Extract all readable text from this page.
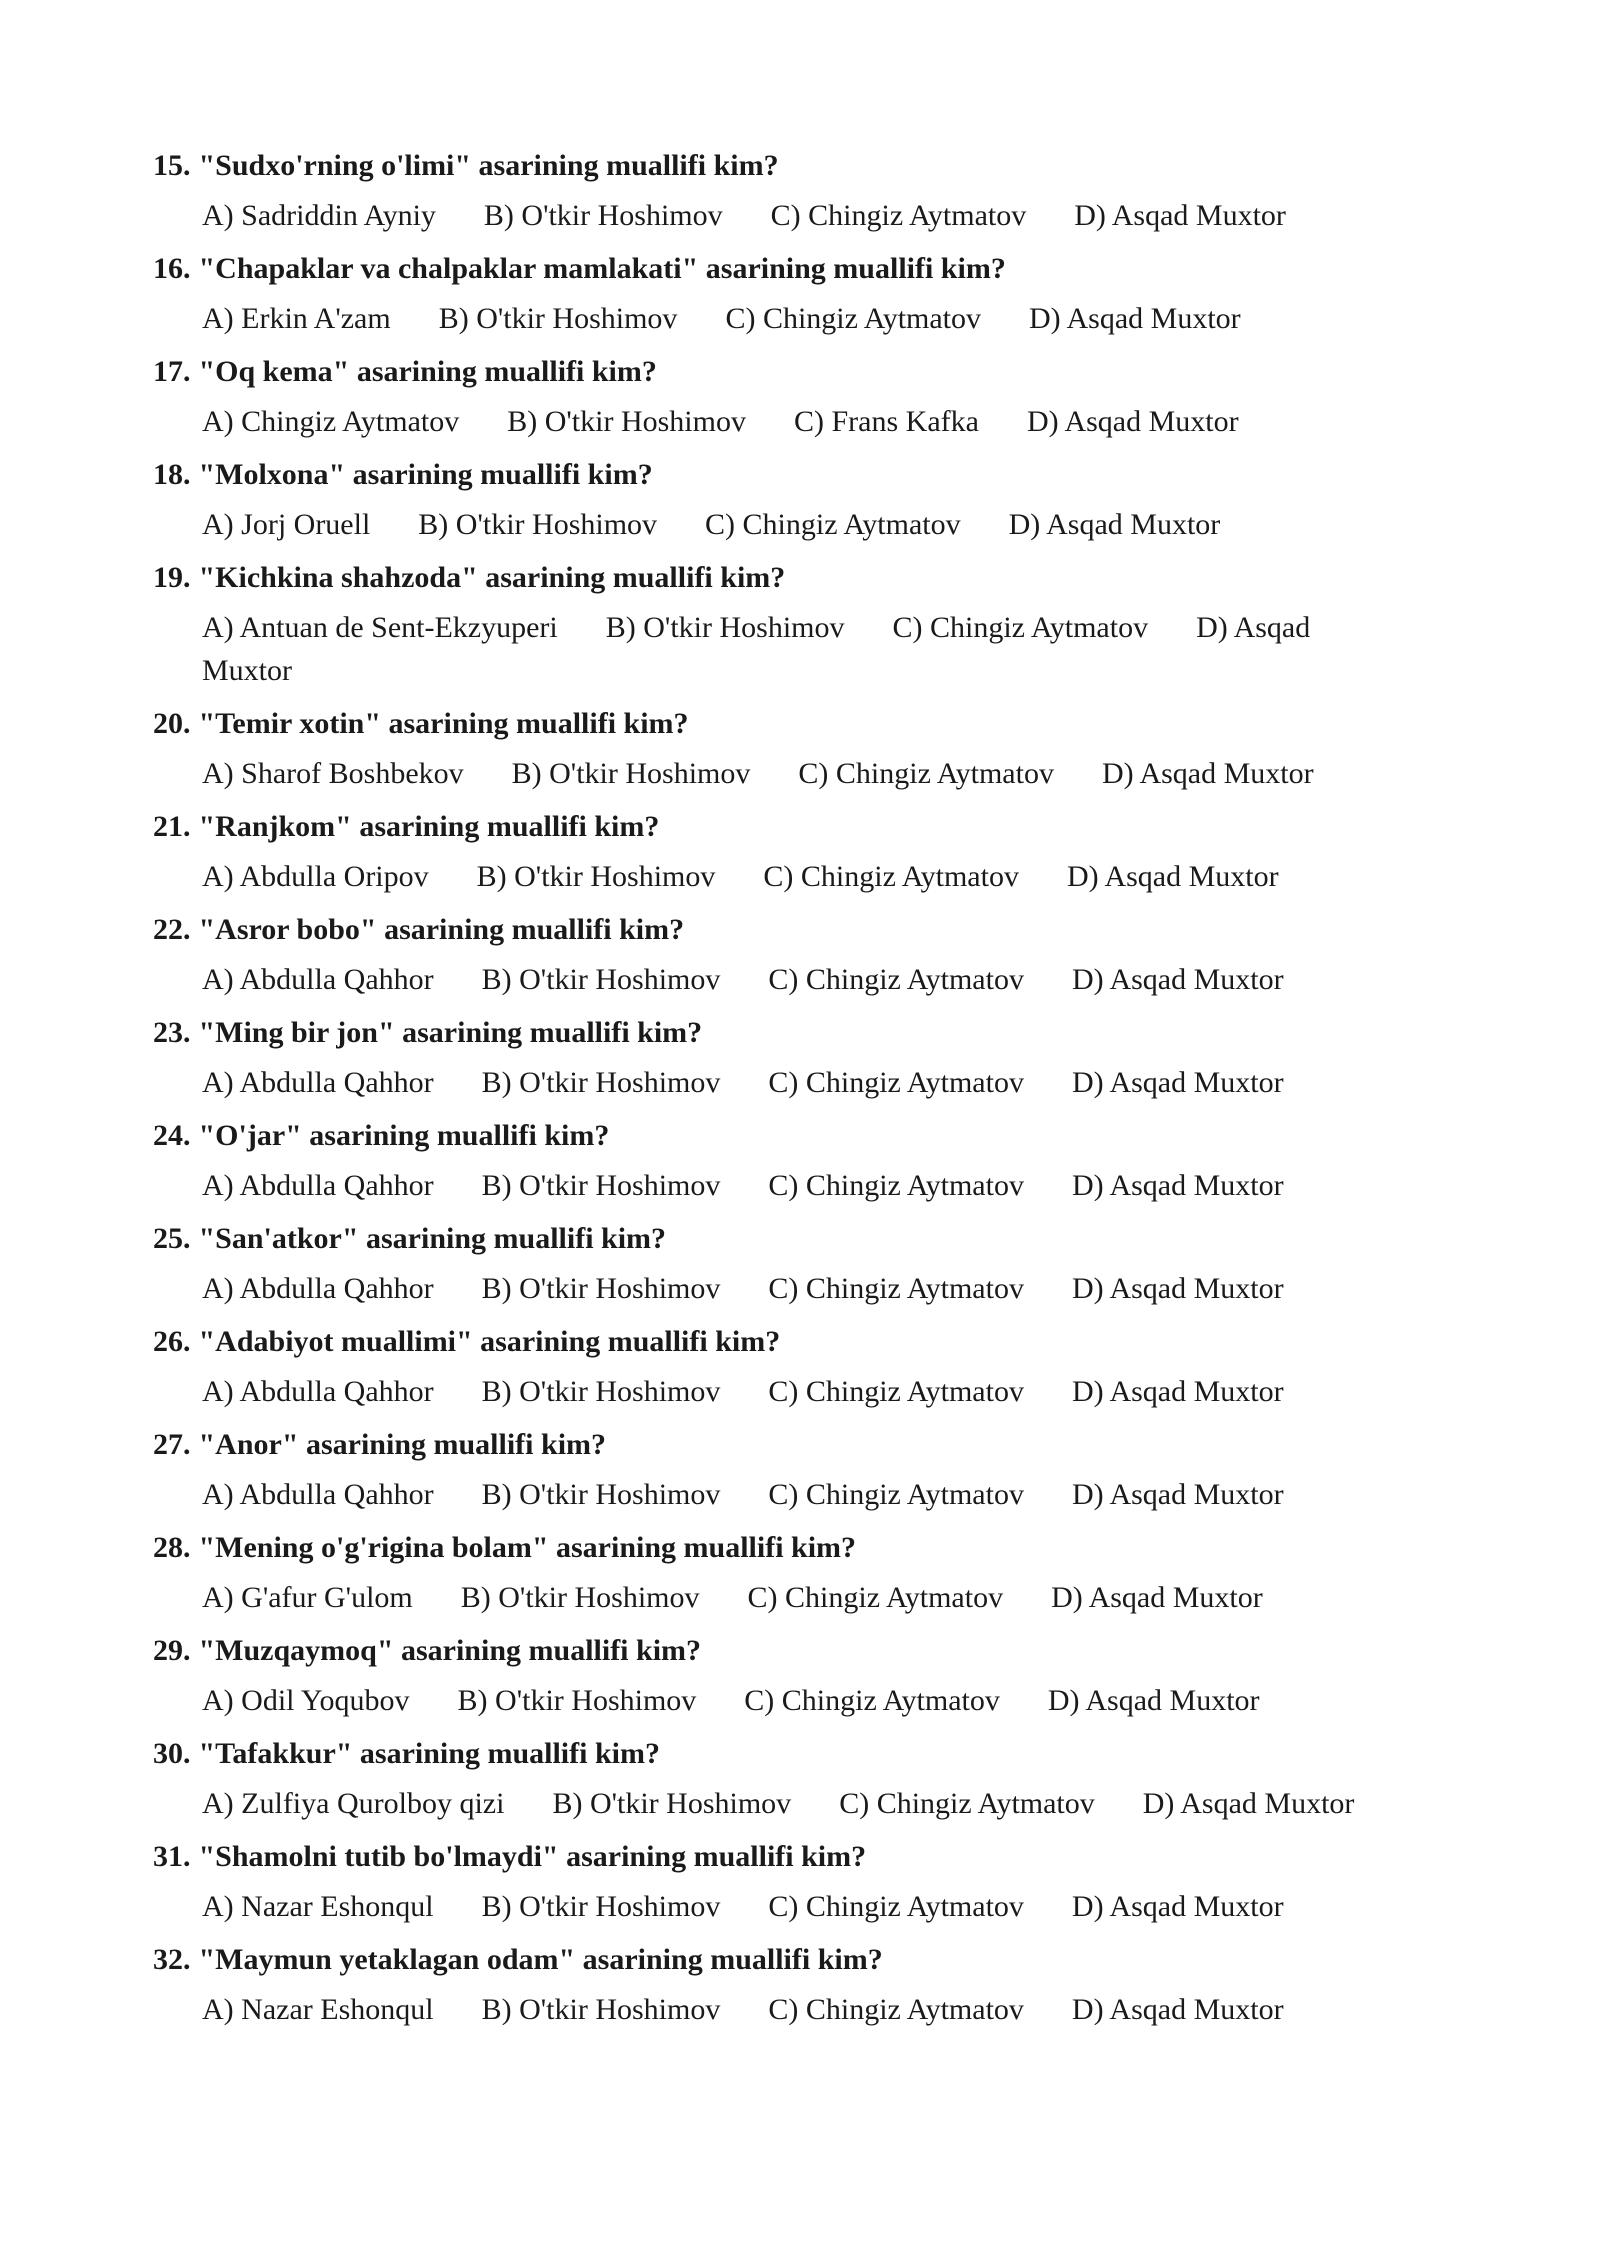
15. "Sudxo'rning o'limi" asarining muallifi kim?
A) Sadriddin Ayniy B) O'tkir Hoshimov C) Chingiz Aytmatov D) Asqad Muxtor
16. "Chapaklar va chalpaklar mamlakati" asarining muallifi kim?
A) Erkin A'zam B) O'tkir Hoshimov C) Chingiz Aytmatov D) Asqad Muxtor
17. "Oq kema" asarining muallifi kim?
A) Chingiz Aytmatov B) O'tkir Hoshimov C) Frans Kafka D) Asqad Muxtor
18. "Molxona" asarining muallifi kim?
A) Jorj Oruell B) O'tkir Hoshimov C) Chingiz Aytmatov D) Asqad Muxtor
19. "Kichkina shahzoda" asarining muallifi kim?
A) Antuan de Sent-Ekzyuperi B) O'tkir Hoshimov C) Chingiz Aytmatov D) Asqad Muxtor
20. "Temir xotin" asarining muallifi kim?
A) Sharof Boshbekov B) O'tkir Hoshimov C) Chingiz Aytmatov D) Asqad Muxtor
21. "Ranjkom" asarining muallifi kim?
A) Abdulla Oripov B) O'tkir Hoshimov C) Chingiz Aytmatov D) Asqad Muxtor
22. "Asror bobo" asarining muallifi kim?
A) Abdulla Qahhor B) O'tkir Hoshimov C) Chingiz Aytmatov D) Asqad Muxtor
23. "Ming bir jon" asarining muallifi kim?
A) Abdulla Qahhor B) O'tkir Hoshimov C) Chingiz Aytmatov D) Asqad Muxtor
24. "O'jar" asarining muallifi kim?
A) Abdulla Qahhor B) O'tkir Hoshimov C) Chingiz Aytmatov D) Asqad Muxtor
25. "San'atkor" asarining muallifi kim?
A) Abdulla Qahhor B) O'tkir Hoshimov C) Chingiz Aytmatov D) Asqad Muxtor
26. "Adabiyot muallimi" asarining muallifi kim?
A) Abdulla Qahhor B) O'tkir Hoshimov C) Chingiz Aytmatov D) Asqad Muxtor
27. "Anor" asarining muallifi kim?
A) Abdulla Qahhor B) O'tkir Hoshimov C) Chingiz Aytmatov D) Asqad Muxtor
28. "Mening o'g'rigina bolam" asarining muallifi kim?
A) G'afur G'ulom B) O'tkir Hoshimov C) Chingiz Aytmatov D) Asqad Muxtor
29. "Muzqaymoq" asarining muallifi kim?
A) Odil Yoqubov B) O'tkir Hoshimov C) Chingiz Aytmatov D) Asqad Muxtor
30. "Tafakkur" asarining muallifi kim?
A) Zulfiya Qurolboy qizi B) O'tkir Hoshimov C) Chingiz Aytmatov D) Asqad Muxtor
31. "Shamolni tutib bo'lmaydi" asarining muallifi kim?
A) Nazar Eshonqul B) O'tkir Hoshimov C) Chingiz Aytmatov D) Asqad Muxtor
32. "Maymun yetaklagan odam" asarining muallifi kim?
A) Nazar Eshonqul B) O'tkir Hoshimov C) Chingiz Aytmatov D) Asqad Muxtor
